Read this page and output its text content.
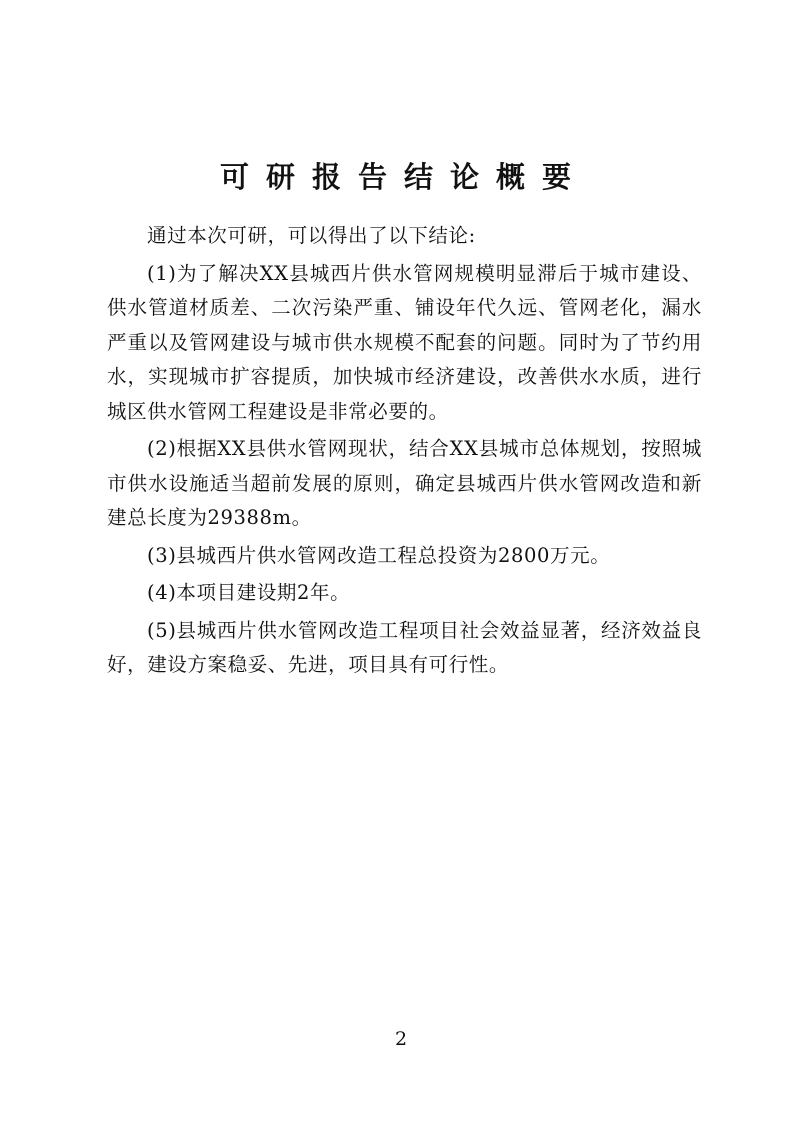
可研报告结论概要

通过本次可研，可以得出了以下结论:

(1)为了解决XX县城西片供水管网规模明显滞后于城市建设、供水管道材质差、二次污染严重、铺设年代久远、管网老化，漏水严重以及管网建设与城市供水规模不配套的问题。同时为了节约用水，实现城市扩容提质，加快城市经济建设，改善供水水质，进行城区供水管网工程建设是非常必要的。

(2)根据XX县供水管网现状，结合XX县城市总体规划，按照城市供水设施适当超前发展的原则，确定县城西片供水管网改造和新建总长度为29388m。

(3)县城西片供水管网改造工程总投资为2800万元。

(4)本项目建设期2年。

(5)县城西片供水管网改造工程项目社会效益显著，经济效益良好，建设方案稳妥、先进，项目具有可行性。

2
